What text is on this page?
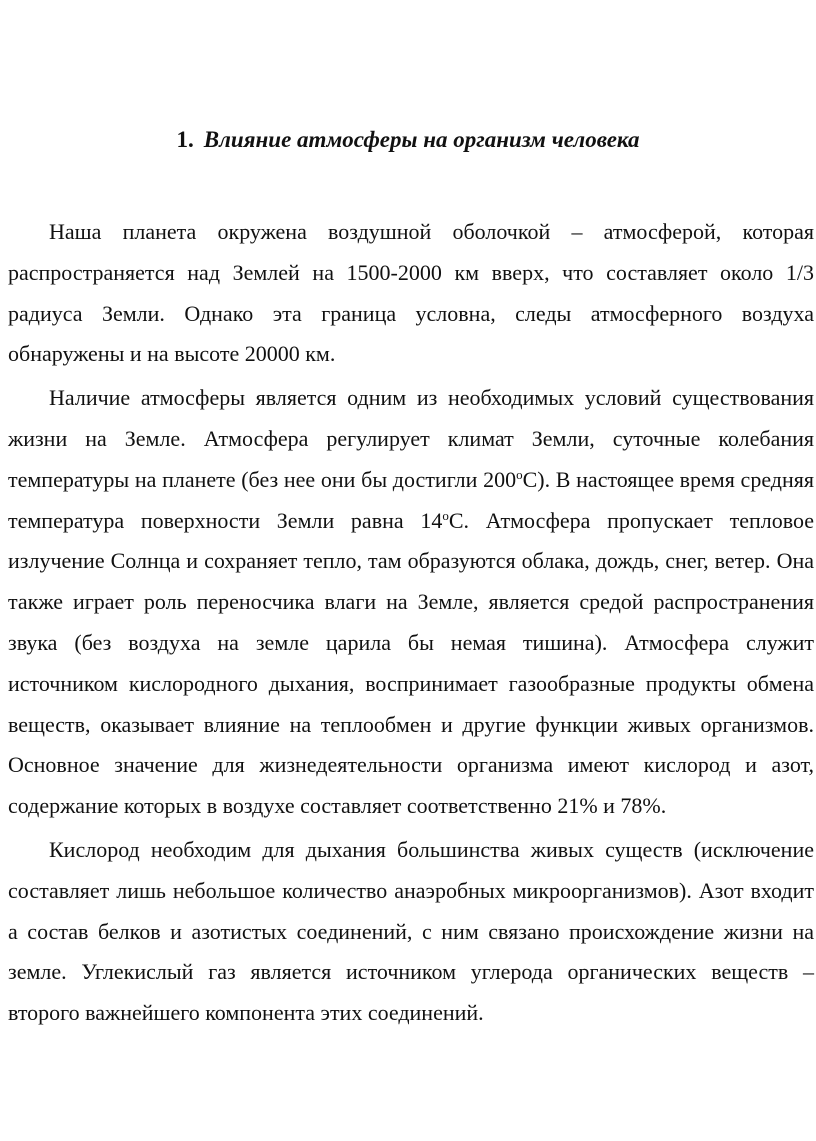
1. Влияние атмосферы на организм человека

Наша планета окружена воздушной оболочкой – атмосферой, которая распространяется над Землей на 1500-2000 км вверх, что составляет около 1/3 радиуса Земли. Однако эта граница условна, следы атмосферного воздуха обнаружены и на высоте 20000 км.

Наличие атмосферы является одним из необходимых условий существования жизни на Земле. Атмосфера регулирует климат Земли, суточные колебания температуры на планете (без нее они бы достигли $200^оС$). В настоящее время средняя температура поверхности Земли равна $14^оС$. Атмосфера пропускает тепловое излучение Солнца и сохраняет тепло, там образуются облака, дождь, снег, ветер. Она также играет роль переносчика влаги на Земле, является средой распространения звука (без воздуха на земле царила бы немая тишина). Атмосфера служит источником кислородного дыхания, воспринимает газообразные продукты обмена веществ, оказывает влияние на теплообмен и другие функции живых организмов. Основное значение для жизнедеятельности организма имеют кислород и азот, содержание которых в воздухе составляет соответственно 21% и 78%.

Кислород необходим для дыхания большинства живых существ (исключение составляет лишь небольшое количество анаэробных микроорганизмов). Азот входит а состав белков и азотистых соединений, с ним связано происхождение жизни на земле. Углекислый газ является источником углерода органических веществ – второго важнейшего компонента этих соединений.
